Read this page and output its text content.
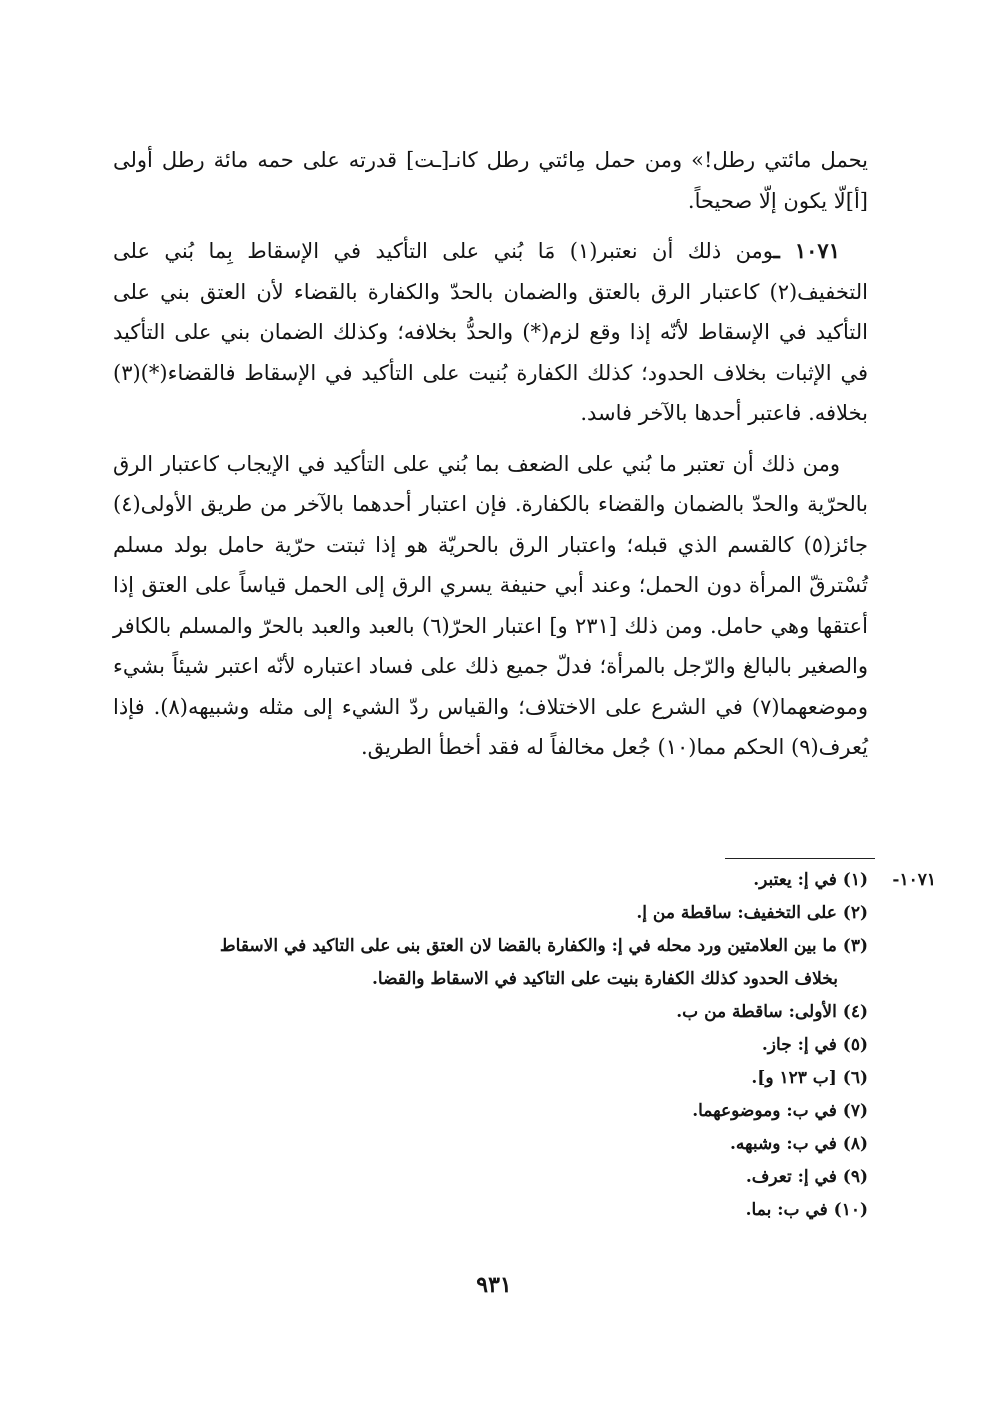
يحمل مائتي رطل!» ومن حمل مِائتي رطل كانـ[ـت] قدرته على حمه مائة رطل أولى [أ]لّا يكون إلّا صحيحاً.

١٠٧١ ـومن ذلك أن نعتبر(١) مَا بُني على التأكيد في الإسقاط بِما بُني على التخفيف(٢) كاعتبار الرق بالعتق والضمان بالحدّ والكفارة بالقضاء لأن العتق بني على التأكيد في الإسقاط لأنّه إذا وقع لزم(*) والحدُّ بخلافه؛ وكذلك الضمان بني على التأكيد في الإثبات بخلاف الحدود؛ كذلك الكفارة بُنيت على التأكيد في الإسقاط فالقضاء(*)(٣) بخلافه. فاعتبر أحدها بالآخر فاسد.

ومن ذلك أن تعتبر ما بُني على الضعف بما بُني على التأكيد في الإيجاب كاعتبار الرق بالحرّية والحدّ بالضمان والقضاء بالكفارة. فإن اعتبار أحدهما بالآخر من طريق الأولى(٤) جائز(٥) كالقسم الذي قبله؛ واعتبار الرق بالحريّة هو إذا ثبتت حرّية حامل بولد مسلم تُسْترقّ المرأة دون الحمل؛ وعند أبي حنيفة يسري الرق إلى الحمل قياساً على العتق إذا أعتقها وهي حامل. ومن ذلك [٢٣١ و] اعتبار الحرّ(٦) بالعبد والعبد بالحرّ والمسلم بالكافر والصغير بالبالغ والرّجل بالمرأة؛ فدلّ جميع ذلك على فساد اعتباره لأنّه اعتبر شيئاً بشيء وموضعهما(٧) في الشرع على الاختلاف؛ والقياس ردّ الشيء إلى مثله وشبيهه(٨). فإذا يُعرف(٩) الحكم مما(١٠) جُعل مخالفاً له فقد أخطأ الطريق.

١٠٧١-
(١) في إ: يعتبر.
(٢) على التخفيف: ساقطة من إ.
(٣) ما بين العلامتين ورد محله في إ: والكفارة بالقضا لان العتق بنى على التاكيد في الاسقاط
بخلاف الحدود كذلك الكفارة بنيت على التاكيد في الاسقاط والقضا.
(٤) الأولى: ساقطة من ب.
(٥) في إ: جاز.
(٦) [ب ١٢٣ و].
(٧) في ب: وموضوعهما.
(٨) في ب: وشبهه.
(٩) في إ: تعرف.
(١٠) في ب: بما.
٩٣١
